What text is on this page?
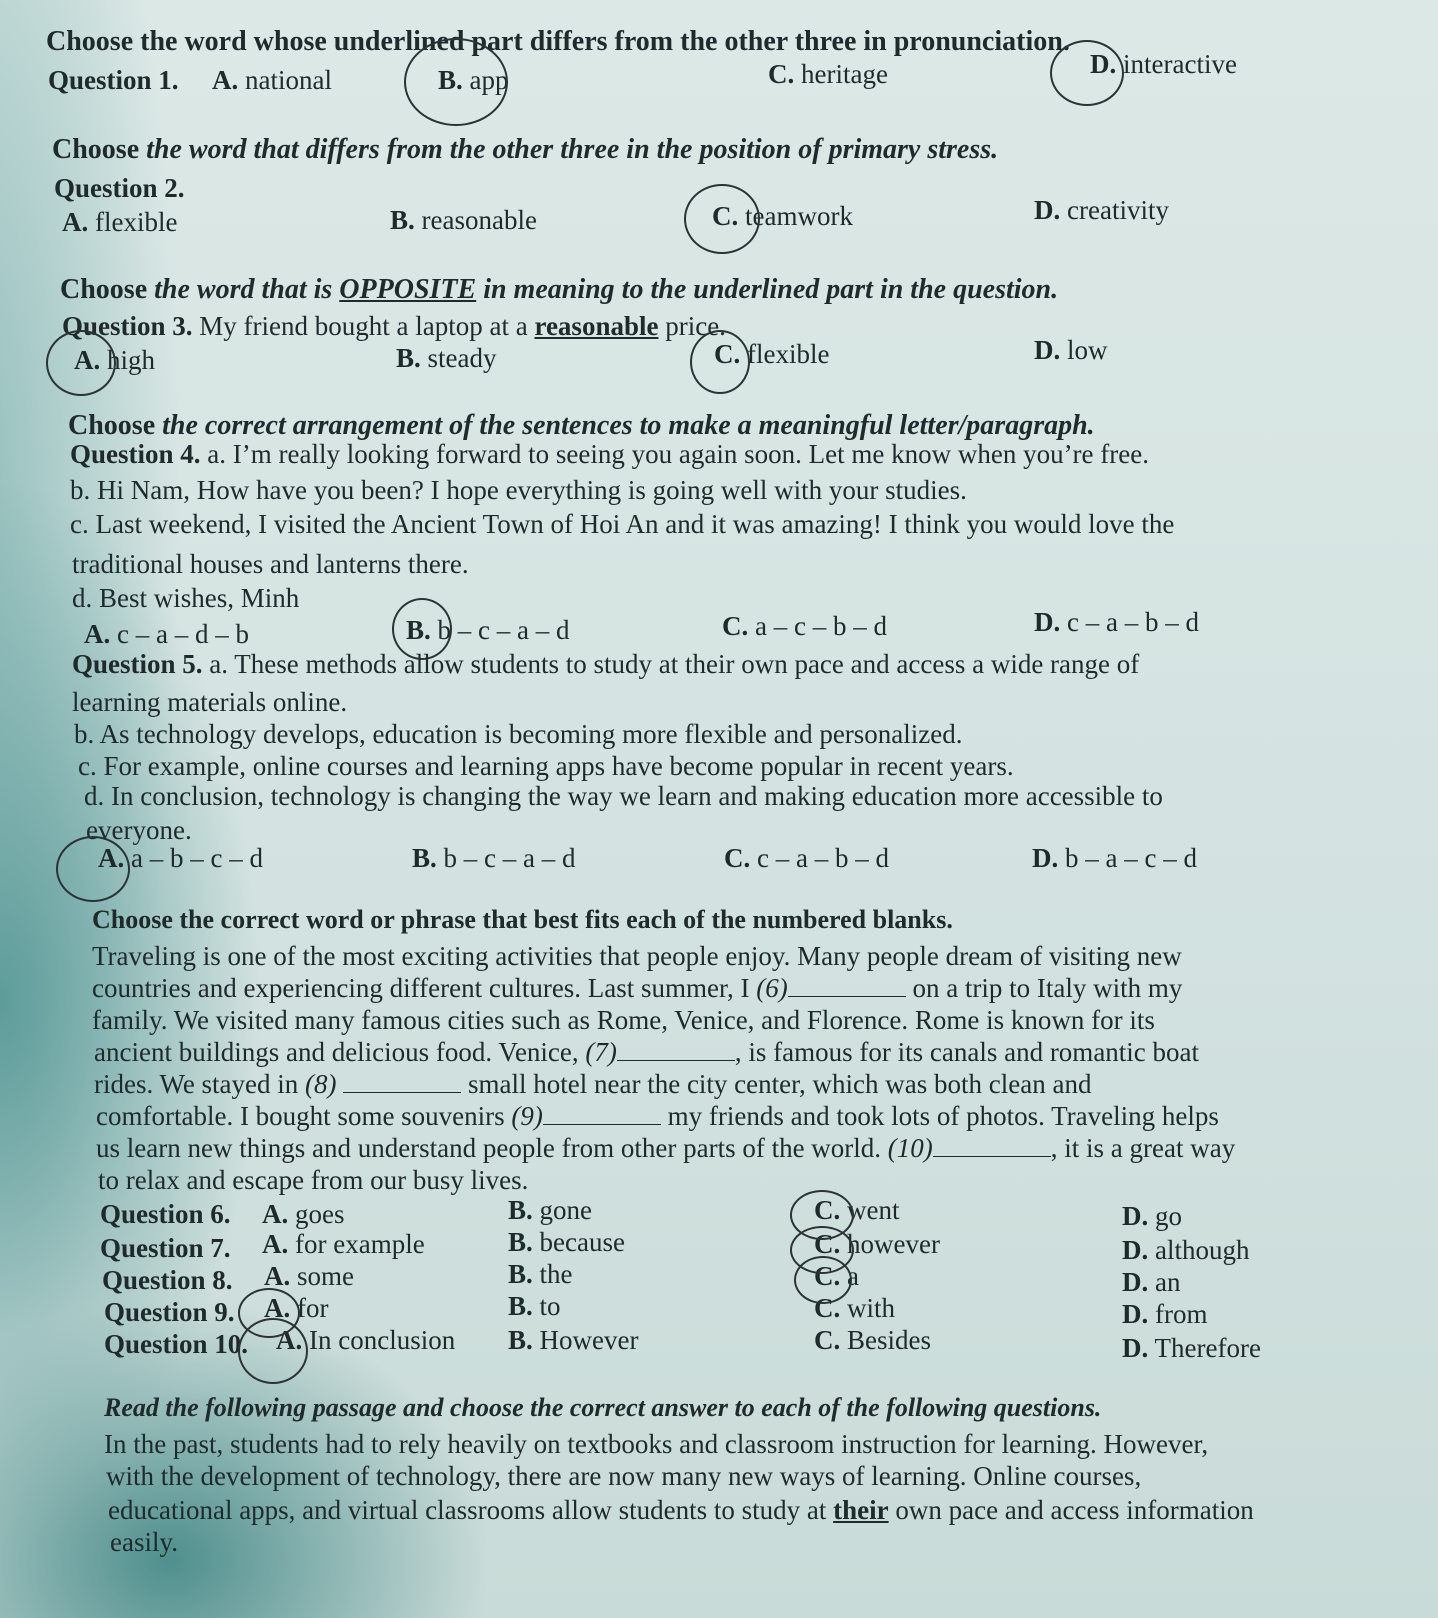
Choose the word whose underlined part differs from the other three in pronunciation.
Question 1. A. national	B. app	C. heritage	D. interactive
Choose the word that differs from the other three in the position of primary stress.
Question 2.
A. flexible	B. reasonable	C. teamwork	D. creativity
Choose the word that is OPPOSITE in meaning to the underlined part in the question.
Question 3. My friend bought a laptop at a reasonable price.
A. high	B. steady	C. flexible	D. low
Choose the correct arrangement of the sentences to make a meaningful letter/paragraph.
Question 4. a. I’m really looking forward to seeing you again soon. Let me know when you’re free.
b. Hi Nam, How have you been? I hope everything is going well with your studies.
c. Last weekend, I visited the Ancient Town of Hoi An and it was amazing! I think you would love the
traditional houses and lanterns there.
d. Best wishes, Minh
A. c – a – d – b	B. b – c – a – d	C. a – c – b – d	D. c – a – b – d
Question 5. a. These methods allow students to study at their own pace and access a wide range of
learning materials online.
b. As technology develops, education is becoming more flexible and personalized.
c. For example, online courses and learning apps have become popular in recent years.
d. In conclusion, technology is changing the way we learn and making education more accessible to
everyone.
A. a – b – c – d	B. b – c – a – d	C. c – a – b – d	D. b – a – c – d
Choose the correct word or phrase that best fits each of the numbered blanks.
Traveling is one of the most exciting activities that people enjoy. Many people dream of visiting new
countries and experiencing different cultures. Last summer, I (6)	on a trip to Italy with my
family. We visited many famous cities such as Rome, Venice, and Florence. Rome is known for its
ancient buildings and delicious food. Venice, (7)	, is famous for its canals and romantic boat
rides. We stayed in (8)	small hotel near the city center, which was both clean and
comfortable. I bought some souvenirs (9)	my friends and took lots of photos. Traveling helps
us learn new things and understand people from other parts of the world. (10)	, it is a great way
to relax and escape from our busy lives.
Question 6. A. goes	B. gone	C. went	D. go
Question 7. A. for example	B. because	C. however	D. although
Question 8. A. some	B. the	C. a	D. an
Question 9. A. for	B. to	C. with	D. from
Question 10. A. In conclusion B. However	C. Besides	D. Therefore
Read the following passage and choose the correct answer to each of the following questions.
In the past, students had to rely heavily on textbooks and classroom instruction for learning. However,
with the development of technology, there are now many new ways of learning. Online courses,
educational apps, and virtual classrooms allow students to study at their own pace and access information
easily.
